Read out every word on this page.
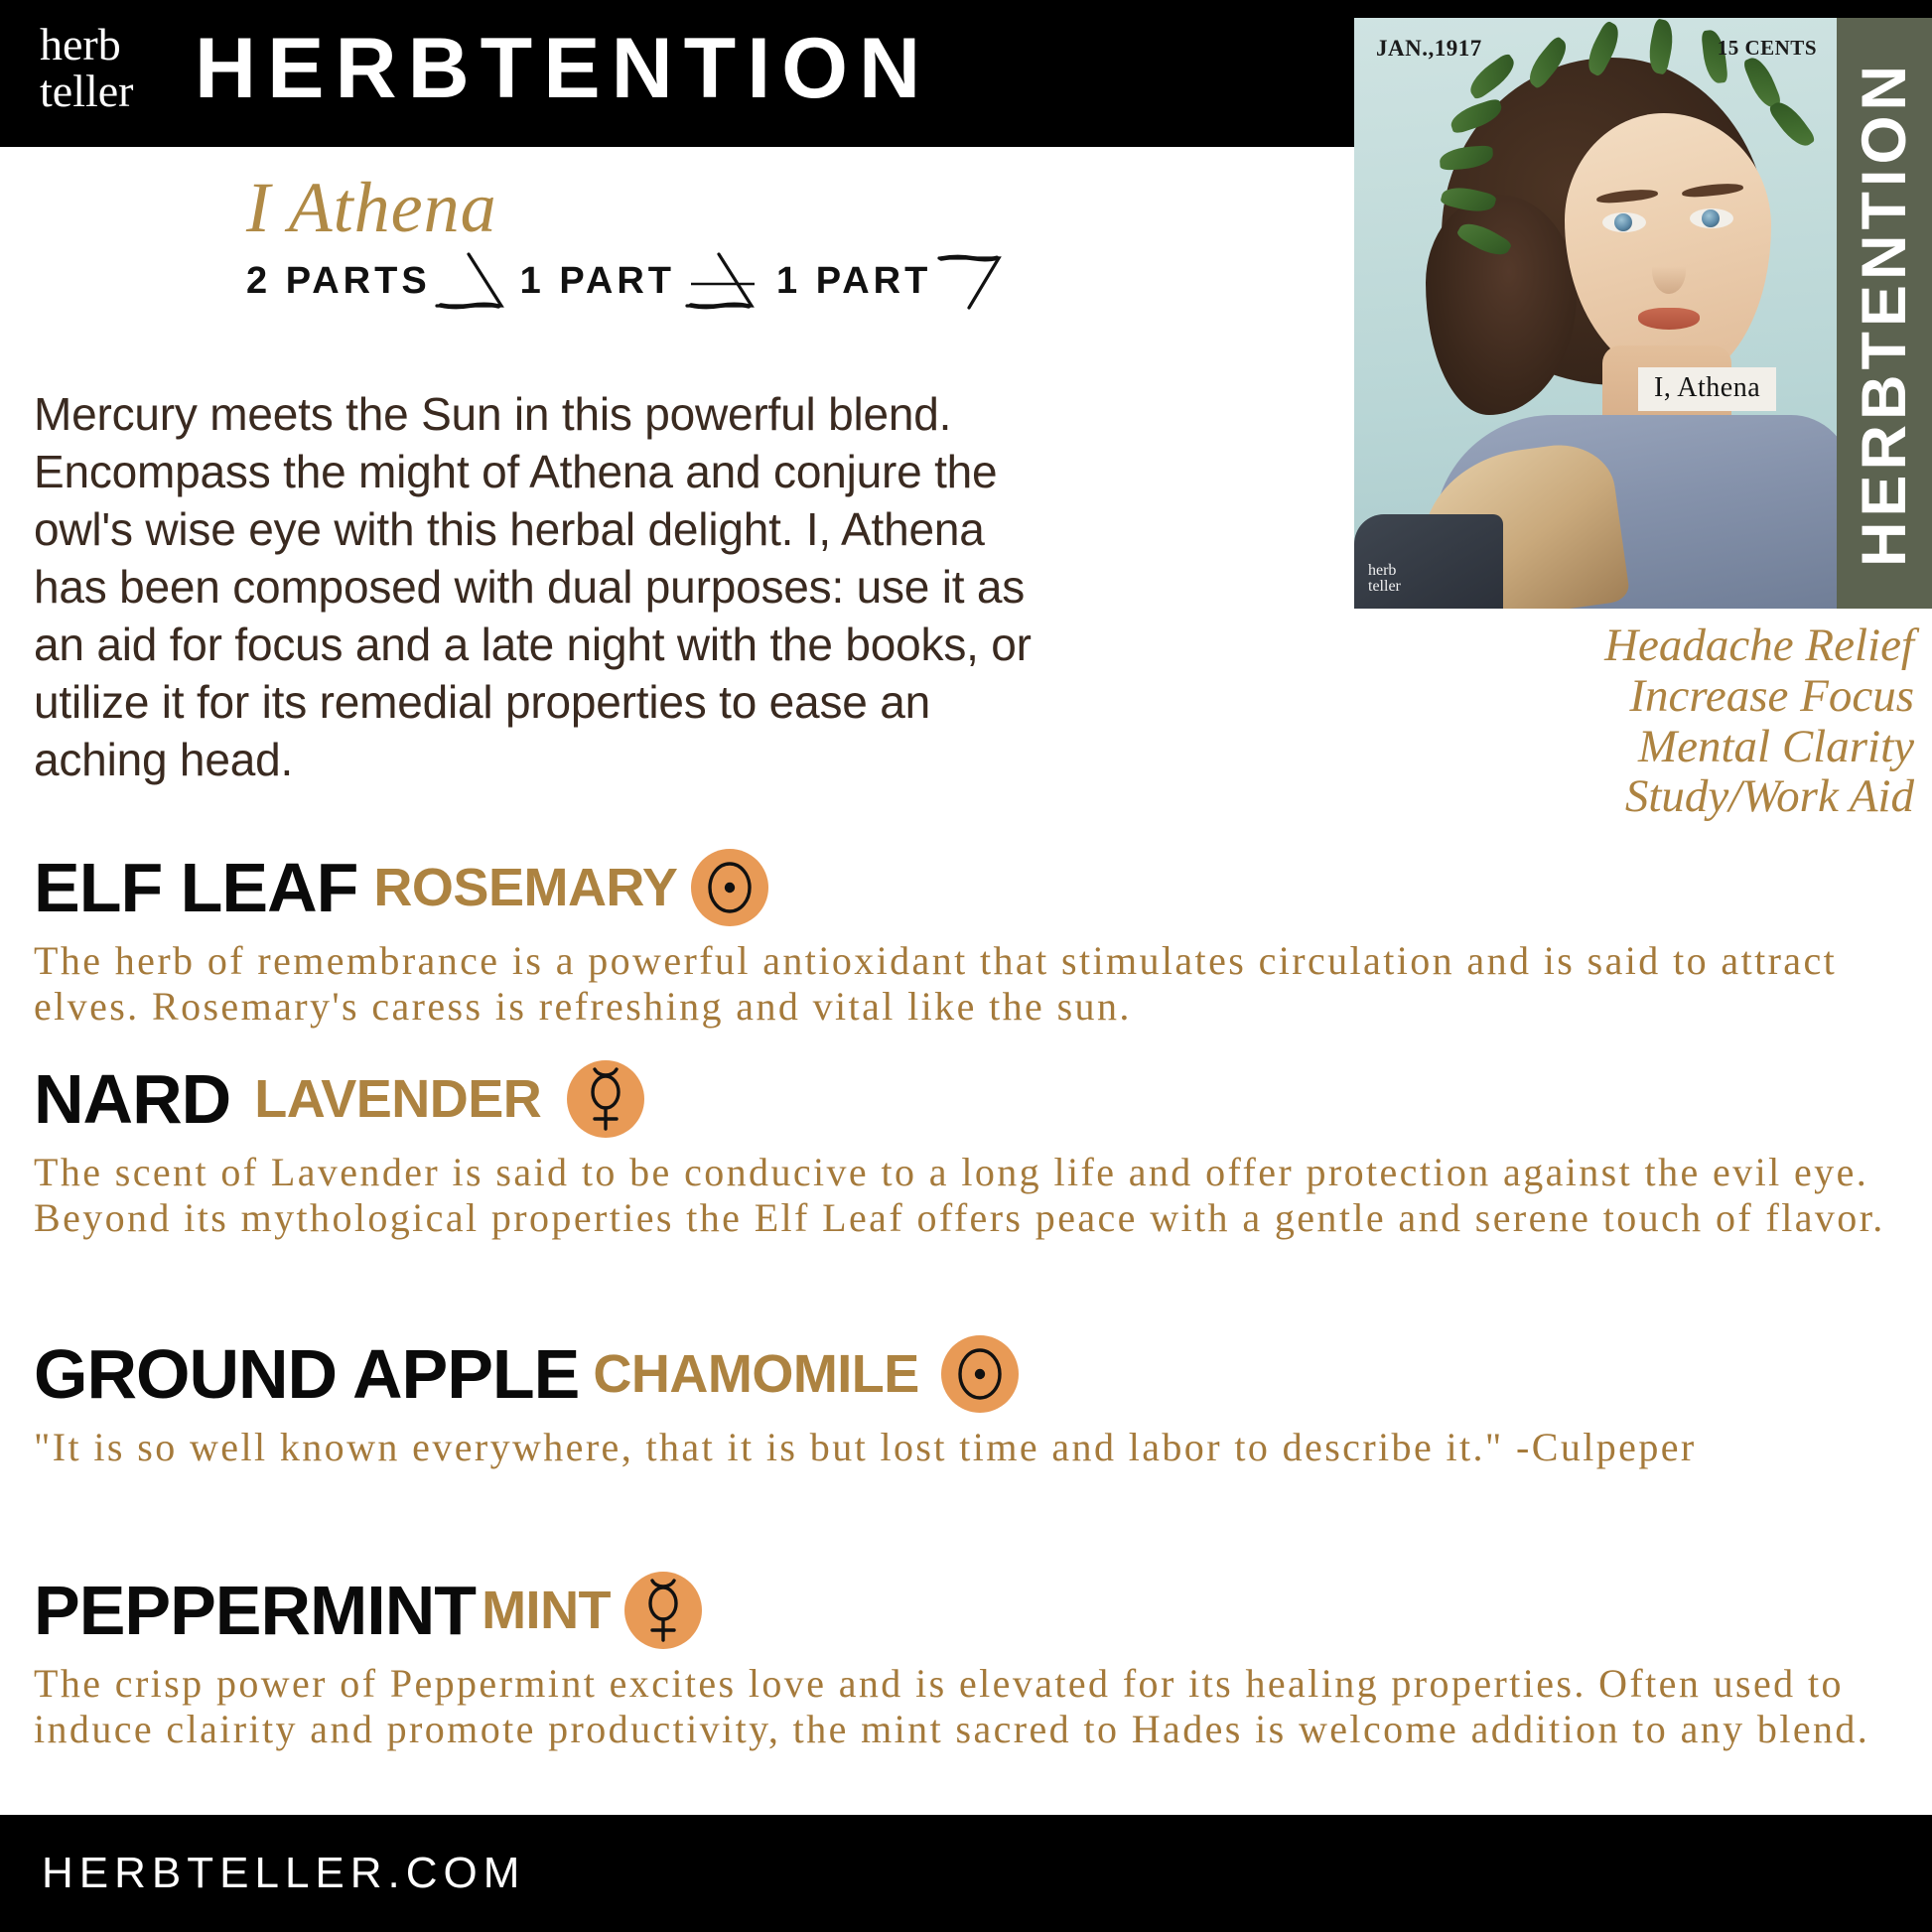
herb
teller HERBTENTION	JAN.,1917	15 CENTS
I, Athena
herb
teller
HERBTENTION
Headache Relief
Increase Focus
Mental Clarity
Study/Work Aid
I Athena
2 PARTS	1 PART	1 PART
Mercury meets the Sun in this powerful blend. Encompass the might of Athena and conjure the owl's wise eye with this herbal delight. I, Athena has been composed with dual purposes: use it as an aid for focus and a late night with the books, or utilize it for its remedial properties to ease an aching head.
ELF LEAF ROSEMARY
The herb of remembrance is a powerful antioxidant that stimulates circulation and is said to attract elves. Rosemary's caress is refreshing and vital like the sun.
NARD LAVENDER
The scent of Lavender is said to be conducive to a long life and offer protection against the evil eye. Beyond its mythological properties the Elf Leaf offers peace with a gentle and serene touch of flavor.
GROUND APPLE CHAMOMILE
"It is so well known everywhere, that it is but lost time and labor to describe it." -Culpeper
PEPPERMINT MINT
The crisp power of Peppermint excites love and is elevated for its healing properties. Often used to induce clairity and promote productivity, the mint sacred to Hades is welcome addition to any blend.
HERBTELLER.COM
